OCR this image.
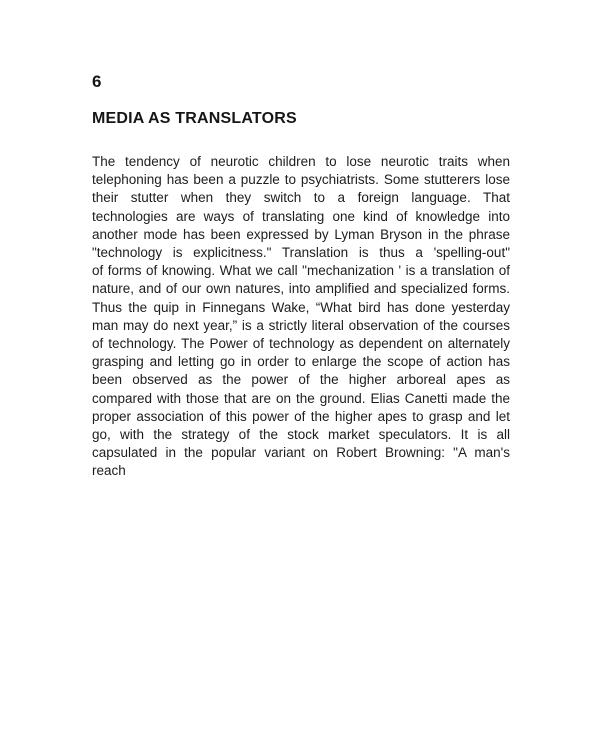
6
MEDIA AS TRANSLATORS
The tendency of neurotic children to lose neurotic traits when
telephoning has been a puzzle to psychiatrists. Some stutterers lose
their stutter when they switch to a foreign language. That
technologies are ways of translating one kind of knowledge into
another mode has been expressed by Lyman Bryson in the phrase
"technology is explicitness." Translation is thus a 'spelling-out"
of forms of knowing. What we call "mechanization ' is a translation of
nature, and of our own natures, into amplified and specialized forms.
Thus the quip in Finnegans Wake, “What bird has done yesterday
man may do next year,” is a strictly literal observation of the courses
of technology. The Power of technology as dependent on alternately
grasping and letting go in order to enlarge the scope of action has
been observed as the power of the higher arboreal apes as
compared with those that are on the ground. Elias Canetti made the
proper association of this power of the higher apes to grasp and let
go, with the strategy of the stock market speculators. It is all
capsulated in the popular variant on Robert Browning: "A man's
reach
